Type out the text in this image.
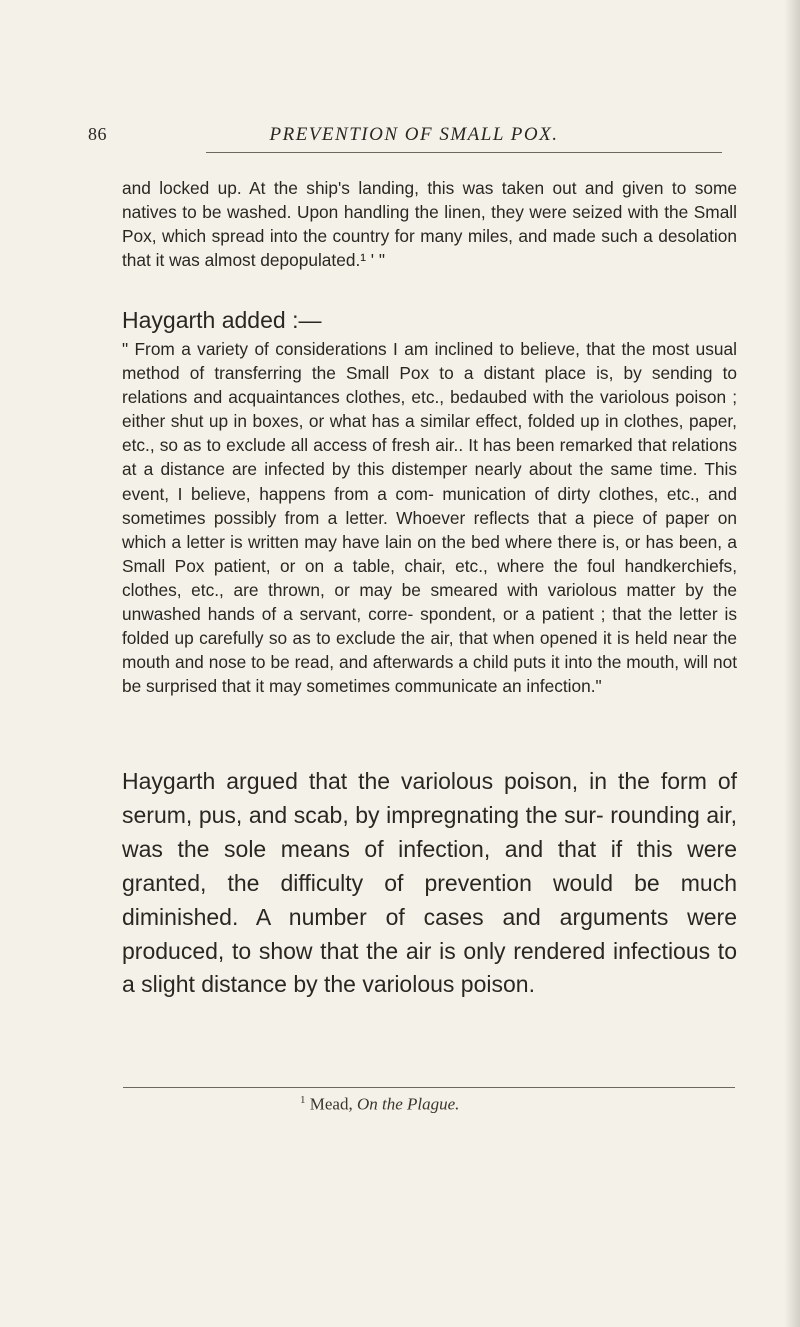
86	PREVENTION OF SMALL POX.

and locked up. At the ship's landing, this was taken out and given to some natives to be washed. Upon handling the linen, they were seized with the Small Pox, which spread into the country for many miles, and made such a desolation that it was almost depopulated.¹ ' "

Haygarth added :—

" From a variety of considerations I am inclined to believe, that the most usual method of transferring the Small Pox to a distant place is, by sending to relations and acquaintances clothes, etc., bedaubed with the variolous poison ; either shut up in boxes, or what has a similar effect, folded up in clothes, paper, etc., so as to exclude all access of fresh air.. It has been remarked that relations at a distance are infected by this distemper nearly about the same time. This event, I believe, happens from a com- munication of dirty clothes, etc., and sometimes possibly from a letter. Whoever reflects that a piece of paper on which a letter is written may have lain on the bed where there is, or has been, a Small Pox patient, or on a table, chair, etc., where the foul handkerchiefs, clothes, etc., are thrown, or may be smeared with variolous matter by the unwashed hands of a servant, corre- spondent, or a patient ; that the letter is folded up carefully so as to exclude the air, that when opened it is held near the mouth and nose to be read, and afterwards a child puts it into the mouth, will not be surprised that it may sometimes communicate an infection."

Haygarth argued that the variolous poison, in the form of serum, pus, and scab, by impregnating the sur- rounding air, was the sole means of infection, and that if this were granted, the difficulty of prevention would be much diminished. A number of cases and arguments were produced, to show that the air is only rendered infectious to a slight distance by the variolous poison.

$^1$ Mead, On the Plague.
